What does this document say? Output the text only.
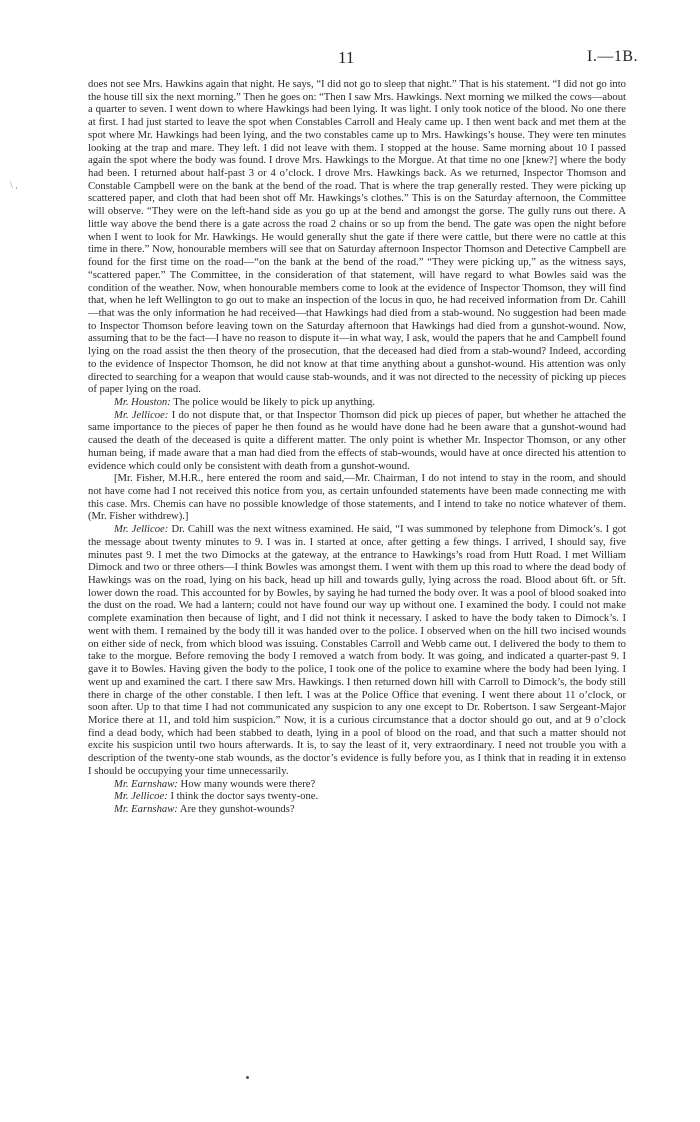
11	I.—1B.
\ ,

does not see Mrs. Hawkins again that night. He says, “I did not go to sleep that night.” That is his statement. “I did not go into the house till six the next morning.” Then he goes on: “Then I saw Mrs. Hawkings. Next morning we milked the cows—about a quarter to seven. I went down to where Hawkings had been lying. It was light. I only took notice of the blood. No one there at first. I had just started to leave the spot when Constables Carroll and Healy came up. I then went back and met them at the spot where Mr. Hawkings had been lying, and the two constables came up to Mrs. Hawkings’s house. They were ten minutes looking at the trap and mare. They left. I did not leave with them. I stopped at the house. Same morning about 10 I passed again the spot where the body was found. I drove Mrs. Hawkings to the Morgue. At that time no one [knew?] where the body had been. I returned about half-past 3 or 4 o’clock. I drove Mrs. Hawkings back. As we returned, Inspector Thomson and Constable Campbell were on the bank at the bend of the road. That is where the trap generally rested. They were picking up scattered paper, and cloth that had been shot off Mr. Hawkings’s clothes.” This is on the Saturday afternoon, the Committee will observe. “They were on the left-hand side as you go up at the bend and amongst the gorse. The gully runs out there. A little way above the bend there is a gate across the road 2 chains or so up from the bend. The gate was open the night before when I went to look for Mr. Hawkings. He would generally shut the gate if there were cattle, but there were no cattle at this time in there.” Now, honourable members will see that on Saturday afternoon Inspector Thomson and Detective Campbell are found for the first time on the road—“on the bank at the bend of the road.” “They were picking up,” as the witness says, “scattered paper.” The Committee, in the consideration of that statement, will have regard to what Bowles said was the condition of the weather. Now, when honourable members come to look at the evidence of Inspector Thomson, they will find that, when he left Wellington to go out to make an inspection of the locus in quo, he had received information from Dr. Cahill—that was the only information he had received—that Hawkings had died from a stab-wound. No suggestion had been made to Inspector Thomson before leaving town on the Saturday afternoon that Hawkings had died from a gunshot-wound. Now, assuming that to be the fact—I have no reason to dispute it—in what way, I ask, would the papers that he and Campbell found lying on the road assist the then theory of the prosecution, that the deceased had died from a stab-wound? Indeed, according to the evidence of Inspector Thomson, he did not know at that time anything about a gunshot-wound. His attention was only directed to searching for a weapon that would cause stab-wounds, and it was not directed to the necessity of picking up pieces of paper lying on the road.

Mr. Houston: The police would be likely to pick up anything.

Mr. Jellicoe: I do not dispute that, or that Inspector Thomson did pick up pieces of paper, but whether he attached the same importance to the pieces of paper he then found as he would have done had he been aware that a gunshot-wound had caused the death of the deceased is quite a different matter. The only point is whether Mr. Inspector Thomson, or any other human being, if made aware that a man had died from the effects of stab-wounds, would have at once directed his attention to evidence which could only be consistent with death from a gunshot-wound.

[Mr. Fisher, M.H.R., here entered the room and said,—Mr. Chairman, I do not intend to stay in the room, and should not have come had I not received this notice from you, as certain unfounded statements have been made connecting me with this case. Mrs. Chemis can have no possible knowledge of those statements, and I intend to take no notice whatever of them. (Mr. Fisher withdrew).]

Mr. Jellicoe: Dr. Cahill was the next witness examined. He said, “I was summoned by telephone from Dimock’s. I got the message about twenty minutes to 9. I was in. I started at once, after getting a few things. I arrived, I should say, five minutes past 9. I met the two Dimocks at the gateway, at the entrance to Hawkings’s road from Hutt Road. I met William Dimock and two or three others—I think Bowles was amongst them. I went with them up this road to where the dead body of Hawkings was on the road, lying on his back, head up hill and towards gully, lying across the road. Blood about 6ft. or 5ft. lower down the road. This accounted for by Bowles, by saying he had turned the body over. It was a pool of blood soaked into the dust on the road. We had a lantern; could not have found our way up without one. I examined the body. I could not make complete examination then because of light, and I did not think it necessary. I asked to have the body taken to Dimock’s. I went with them. I remained by the body till it was handed over to the police. I observed when on the hill two incised wounds on either side of neck, from which blood was issuing. Constables Carroll and Webb came out. I delivered the body to them to take to the morgue. Before removing the body I removed a watch from body. It was going, and indicated a quarter-past 9. I gave it to Bowles. Having given the body to the police, I took one of the police to examine where the body had been lying. I went up and examined the cart. I there saw Mrs. Hawkings. I then returned down hill with Carroll to Dimock’s, the body still there in charge of the other constable. I then left. I was at the Police Office that evening. I went there about 11 o’clock, or soon after. Up to that time I had not communicated any suspicion to any one except to Dr. Robertson. I saw Sergeant-Major Morice there at 11, and told him suspicion.” Now, it is a curious circumstance that a doctor should go out, and at 9 o’clock find a dead body, which had been stabbed to death, lying in a pool of blood on the road, and that such a matter should not excite his suspicion until two hours afterwards. It is, to say the least of it, very extraordinary. I need not trouble you with a description of the twenty-one stab wounds, as the doctor’s evidence is fully before you, as I think that in reading it in extenso I should be occupying your time unnecessarily.

Mr. Earnshaw: How many wounds were there?

Mr. Jellicoe: I think the doctor says twenty-one.

Mr. Earnshaw: Are they gunshot-wounds?
